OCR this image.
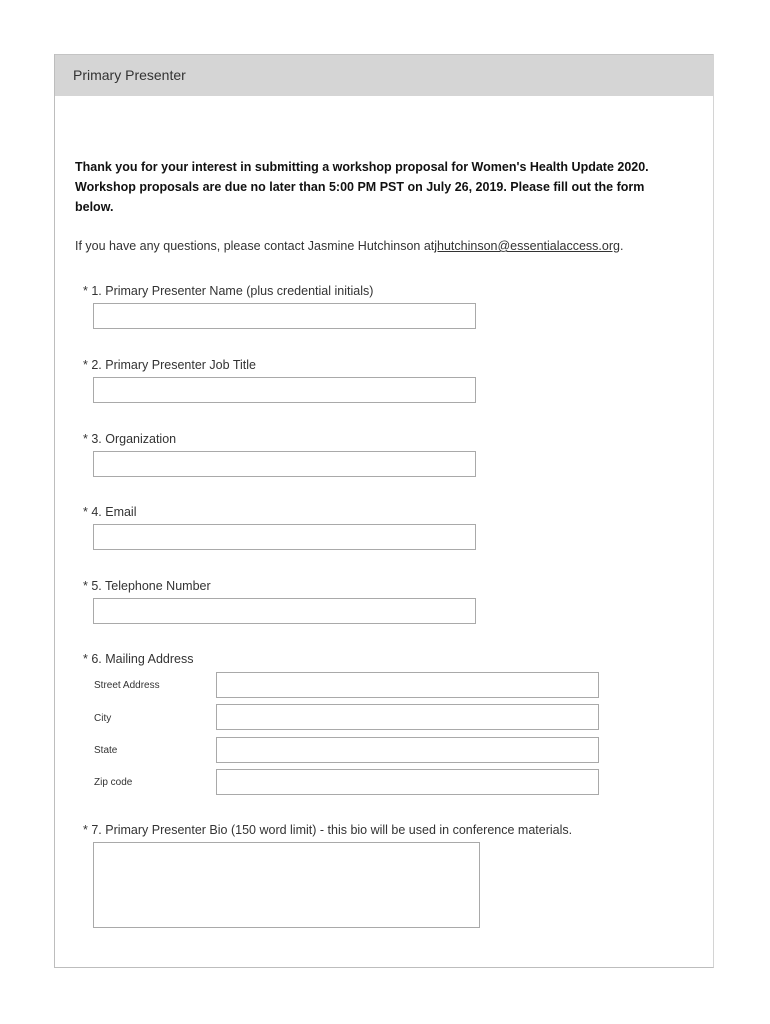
Primary Presenter
Thank you for your interest in submitting a workshop proposal for Women's Health Update 2020.
Workshop proposals are due no later than 5:00 PM PST on July 26, 2019. Please fill out the form
below.
If you have any questions, please contact Jasmine Hutchinson atjhutchinson@essentialaccess.org.
* 1. Primary Presenter Name (plus credential initials)
* 2. Primary Presenter Job Title
* 3. Organization
* 4. Email
* 5. Telephone Number
* 6. Mailing Address
Street Address
City
State
Zip code
* 7. Primary Presenter Bio (150 word limit) - this bio will be used in conference materials.
